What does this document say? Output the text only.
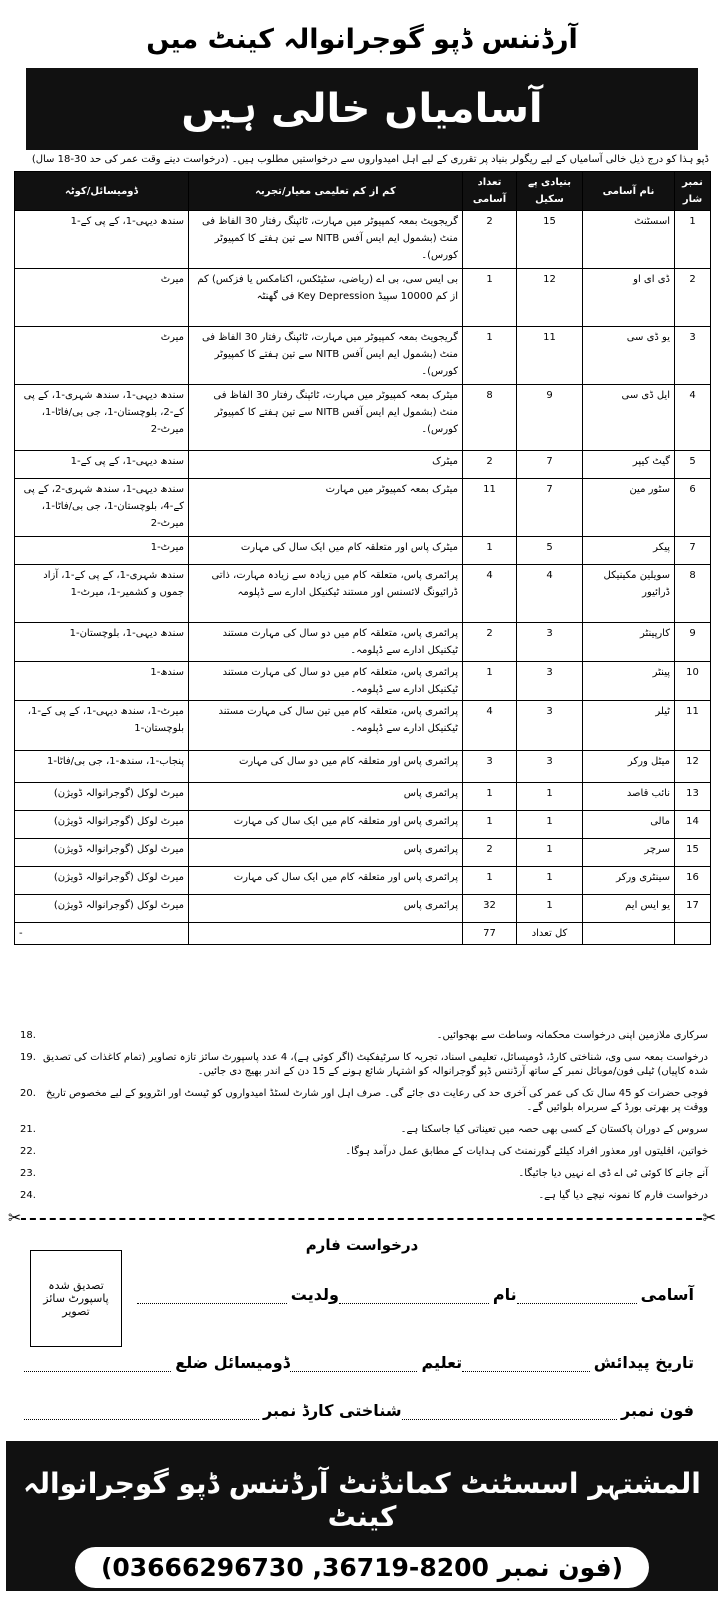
آرڈننس ڈپو گوجرانوالہ کینٹ میں
آسامیاں خالی ہیں
ڈپو ہذا کو درج ذیل خالی آسامیاں کے لیے ریگولر بنیاد پر تقرری کے لیے اہل امیدواروں سے درخواستیں مطلوب ہیں۔ (درخواست دینے وقت عمر کی حد 30-18 سال)
نمبر شار	نام آسامی	بنیادی پے سکیل	تعداد آسامی	کم از کم تعلیمی معیار/تجربہ	ڈومیسائل/کوٹہ
1	اسسٹنٹ	15	2	گریجویٹ بمعہ کمپیوٹر میں مہارت، ٹائپنگ رفتار 30 الفاظ فی منٹ (بشمول ایم ایس آفس NITB سے تین ہفتے کا کمپیوٹر کورس)۔	سندھ دیہی-1، کے پی کے-1
2	ڈی ای او	12	1	بی ایس سی، بی اے (ریاضی، سٹیٹکس، اکنامکس یا فزکس) کم از کم 10000 سپیڈ Key Depression فی گھنٹہ	میرٹ
3	یو ڈی سی	11	1	گریجویٹ بمعہ کمپیوٹر میں مہارت، ٹائپنگ رفتار 30 الفاظ فی منٹ (بشمول ایم ایس آفس NITB سے تین ہفتے کا کمپیوٹر کورس)۔	میرٹ
4	ایل ڈی سی	9	8	میٹرک بمعہ کمپیوٹر میں مہارت، ٹائپنگ رفتار 30 الفاظ فی منٹ (بشمول ایم ایس آفس NITB سے تین ہفتے کا کمپیوٹر کورس)۔	سندھ دیہی-1، سندھ شہری-1، کے پی کے-2، بلوچستان-1، جی بی/فاٹا-1، میرٹ-2
5	گیٹ کیپر	7	2	میٹرک	سندھ دیہی-1، کے پی کے-1
6	سٹور مین	7	11	میٹرک بمعہ کمپیوٹر میں مہارت	سندھ دیہی-1، سندھ شہری-2، کے پی کے-4، بلوچستان-1، جی بی/فاٹا-1، میرٹ-2
7	پیکر	5	1	میٹرک پاس اور متعلقہ کام میں ایک سال کی مہارت	میرٹ-1
8	سویلین مکینیکل ڈرائیور	4	4	پرائمری پاس، متعلقہ کام میں زیادہ سے زیادہ مہارت، ذاتی ڈرائیونگ لائسنس اور مستند ٹیکنیکل ادارے سے ڈپلومہ	سندھ شہری-1، کے پی کے-1، آزاد جموں و کشمیر-1، میرٹ-1
9	کارپینٹر	3	2	پرائمری پاس، متعلقہ کام میں دو سال کی مہارت مستند ٹیکنیکل ادارے سے ڈپلومہ۔	سندھ دیہی-1، بلوچستان-1
10	پینٹر	3	1	پرائمری پاس، متعلقہ کام میں دو سال کی مہارت مستند ٹیکنیکل ادارے سے ڈپلومہ۔	سندھ-1
11	ٹیلر	3	4	پرائمری پاس، متعلقہ کام میں تین سال کی مہارت مستند ٹیکنیکل ادارے سے ڈپلومہ۔	میرٹ-1، سندھ دیہی-1، کے پی کے-1، بلوچستان-1
12	میٹل ورکر	3	3	پرائمری پاس اور متعلقہ کام میں دو سال کی مہارت	پنجاب-1، سندھ-1، جی بی/فاٹا-1
13	نائب قاصد	1	1	پرائمری پاس	میرٹ لوکل (گوجرانوالہ ڈویژن)
14	مالی	1	1	پرائمری پاس اور متعلقہ کام میں ایک سال کی مہارت	میرٹ لوکل (گوجرانوالہ ڈویژن)
15	سرچر	1	2	پرائمری پاس	میرٹ لوکل (گوجرانوالہ ڈویژن)
16	سینٹری ورکر	1	1	پرائمری پاس اور متعلقہ کام میں ایک سال کی مہارت	میرٹ لوکل (گوجرانوالہ ڈویژن)
17	یو ایس ایم	1	32	پرائمری پاس	میرٹ لوکل (گوجرانوالہ ڈویژن)
		کل تعداد	77		-
سرکاری ملازمین اپنی درخواست محکمانہ وساطت سے بھجوائیں۔
18.
درخواست بمعہ سی وی، شناختی کارڈ، ڈومیسائل، تعلیمی اسناد، تجربہ کا سرٹیفکیٹ (اگر کوئی ہے)، 4 عدد پاسپورٹ سائز تازہ تصاویر (تمام کاغذات کی تصدیق شدہ کاپیاں) ٹیلی فون/موبائل نمبر کے ساتھ آرڈننس ڈپو گوجرانوالہ کو اشتہار شائع ہونے کے 15 دن کے اندر بھیج دی جائیں۔
19.
فوجی حضرات کو 45 سال تک کی عمر کی آخری حد کی رعایت دی جائے گی۔ صرف اہل اور شارٹ لسٹڈ امیدواروں کو ٹیسٹ اور انٹرویو کے لیے مخصوص تاریخ ووقت پر بھرتی بورڈ کے سربراہ بلوائیں گے۔
20.
سروس کے دوران پاکستان کے کسی بھی حصہ میں تعیناتی کیا جاسکتا ہے۔
21.
خواتین، اقلیتوں اور معذور افراد کیلئے گورنمنٹ کی ہدایات کے مطابق عمل درآمد ہوگا۔
22.
آنے جانے کا کوئی ٹی اے ڈی اے نہیں دیا جائیگا۔
23.
درخواست فارم کا نمونہ نیچے دیا گیا ہے۔
24.
✂	✂
درخواست فارم
تصدیق شدہ پاسپورٹ سائز تصویر
آسامی
نام
ولدیت
تاریخ پیدائش
تعلیم
ڈومیسائل ضلع
فون نمبر
شناختی کارڈ نمبر
المشتہر اسسٹنٹ کمانڈنٹ آرڈننس ڈپو گوجرانوالہ کینٹ
(فون نمبر 8200-36719, 03666296730)
